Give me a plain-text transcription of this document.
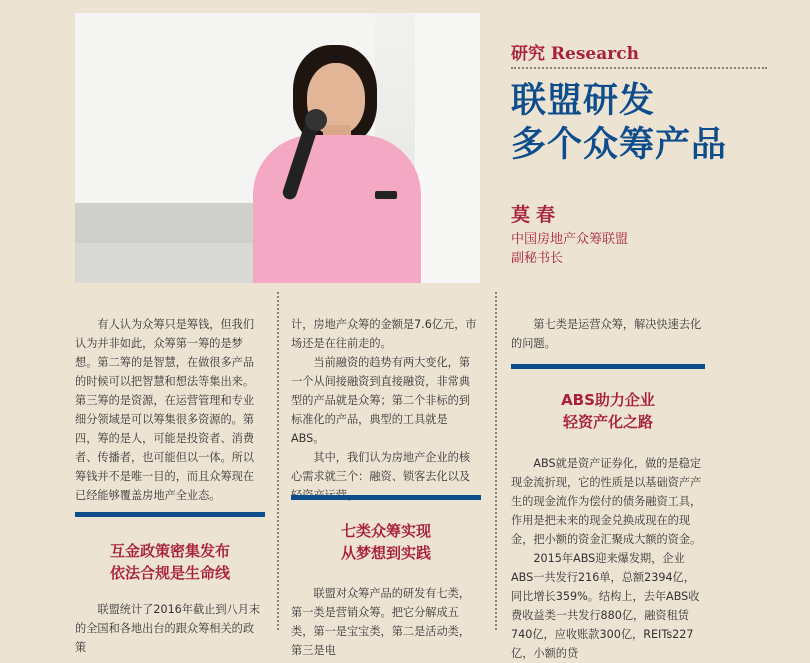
研究 Research
联盟研发
多个众筹产品
莫春
中国房地产众筹联盟
副秘书长

有人认为众筹只是筹钱，但我们认为并非如此，众筹第一筹的是梦想。第二筹的是智慧，在做很多产品的时候可以把智慧和想法等集出来。第三筹的是资源，在运营管理和专业细分领域是可以筹集很多资源的。第四，筹的是人，可能是投资者、消费者、传播者，也可能但以一体。所以筹钱并不是唯一目的，而且众筹现在已经能够覆盖房地产全业态。

互金政策密集发布
依法合规是生命线

联盟统计了2016年截止到八月末的全国和各地出台的跟众筹相关的政策

计，房地产众筹的金额是7.6亿元，市场还是在往前走的。

当前融资的趋势有两大变化，第一个从间接融资到直接融资，非常典型的产品就是众筹；第二个非标的到标准化的产品，典型的工具就是ABS。

其中，我们认为房地产企业的核心需求就三个：融资、锁客去化以及

七类众筹实现
从梦想到实践

联盟对众筹产品的研发有七类，第一类是营销众筹。把它分解成五类，第一是宝宝类，第二是活动类，第三是电

第七类是运营众筹，解决快速去化的问题。

ABS助力企业
轻资产化之路

ABS就是资产证券化，做的是稳定现金流折现，它的性质是以基础资产产生的现金流作为偿付的债务融资工具，作用是把未来的现金兑换成现在的现金，把小额的资金汇聚成大额的资金。

2015年ABS迎来爆发期，企业ABS一共发行216单，总额2394亿，同比增长359%。结构上，去年ABS收费收益类一共发行880亿，融资租赁740亿，应收账款300亿，REITs227亿，小额的贷
